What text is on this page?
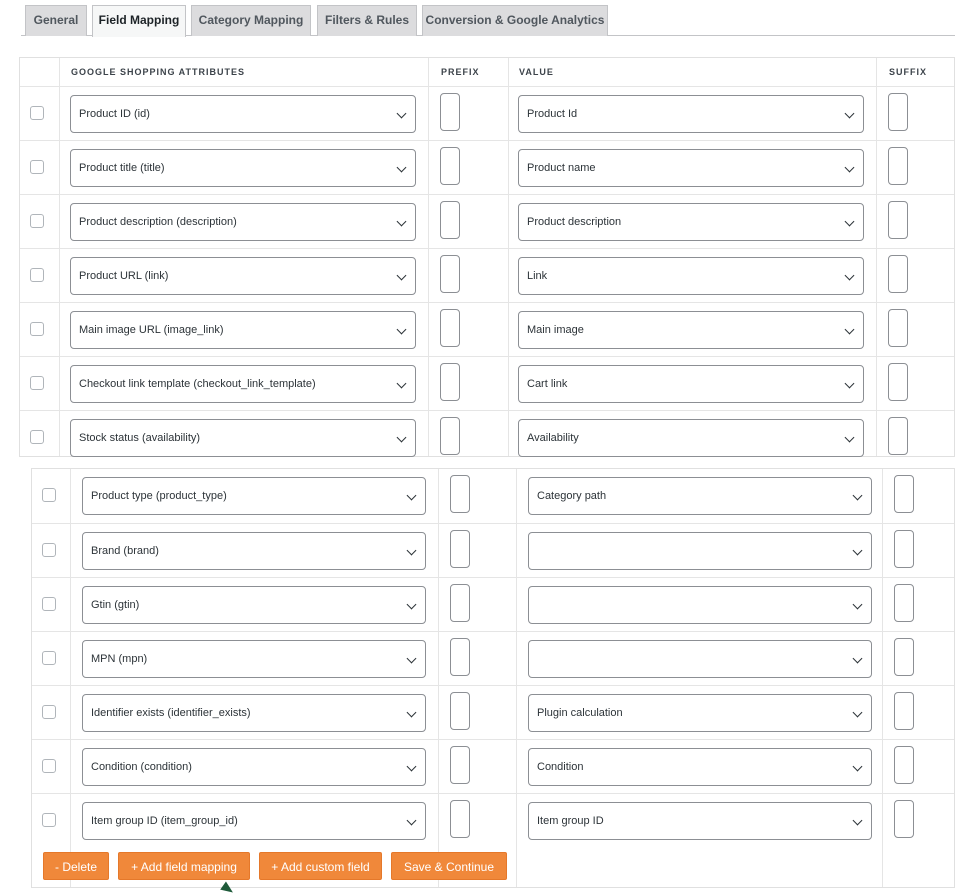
General	Field Mapping	Category Mapping	Filters & Rules	Conversion & Google Analytics
GOOGLE SHOPPING ATTRIBUTES	PREFIX	VALUE	SUFFIX
Product ID (id)	Product Id
Product title (title)	Product name
Product description (description)	Product description
Product URL (link)	Link
Main image URL (image_link)	Main image
Checkout link template (checkout_link_template)	Cart link
Stock status (availability)	Availability
Product type (product_type)	Category path
Brand (brand)
Gtin (gtin)
MPN (mpn)
Identifier exists (identifier_exists)	Plugin calculation
Condition (condition)	Condition
Item group ID (item_group_id)	Item group ID
- Delete	+ Add field mapping	+ Add custom field	Save & Continue
